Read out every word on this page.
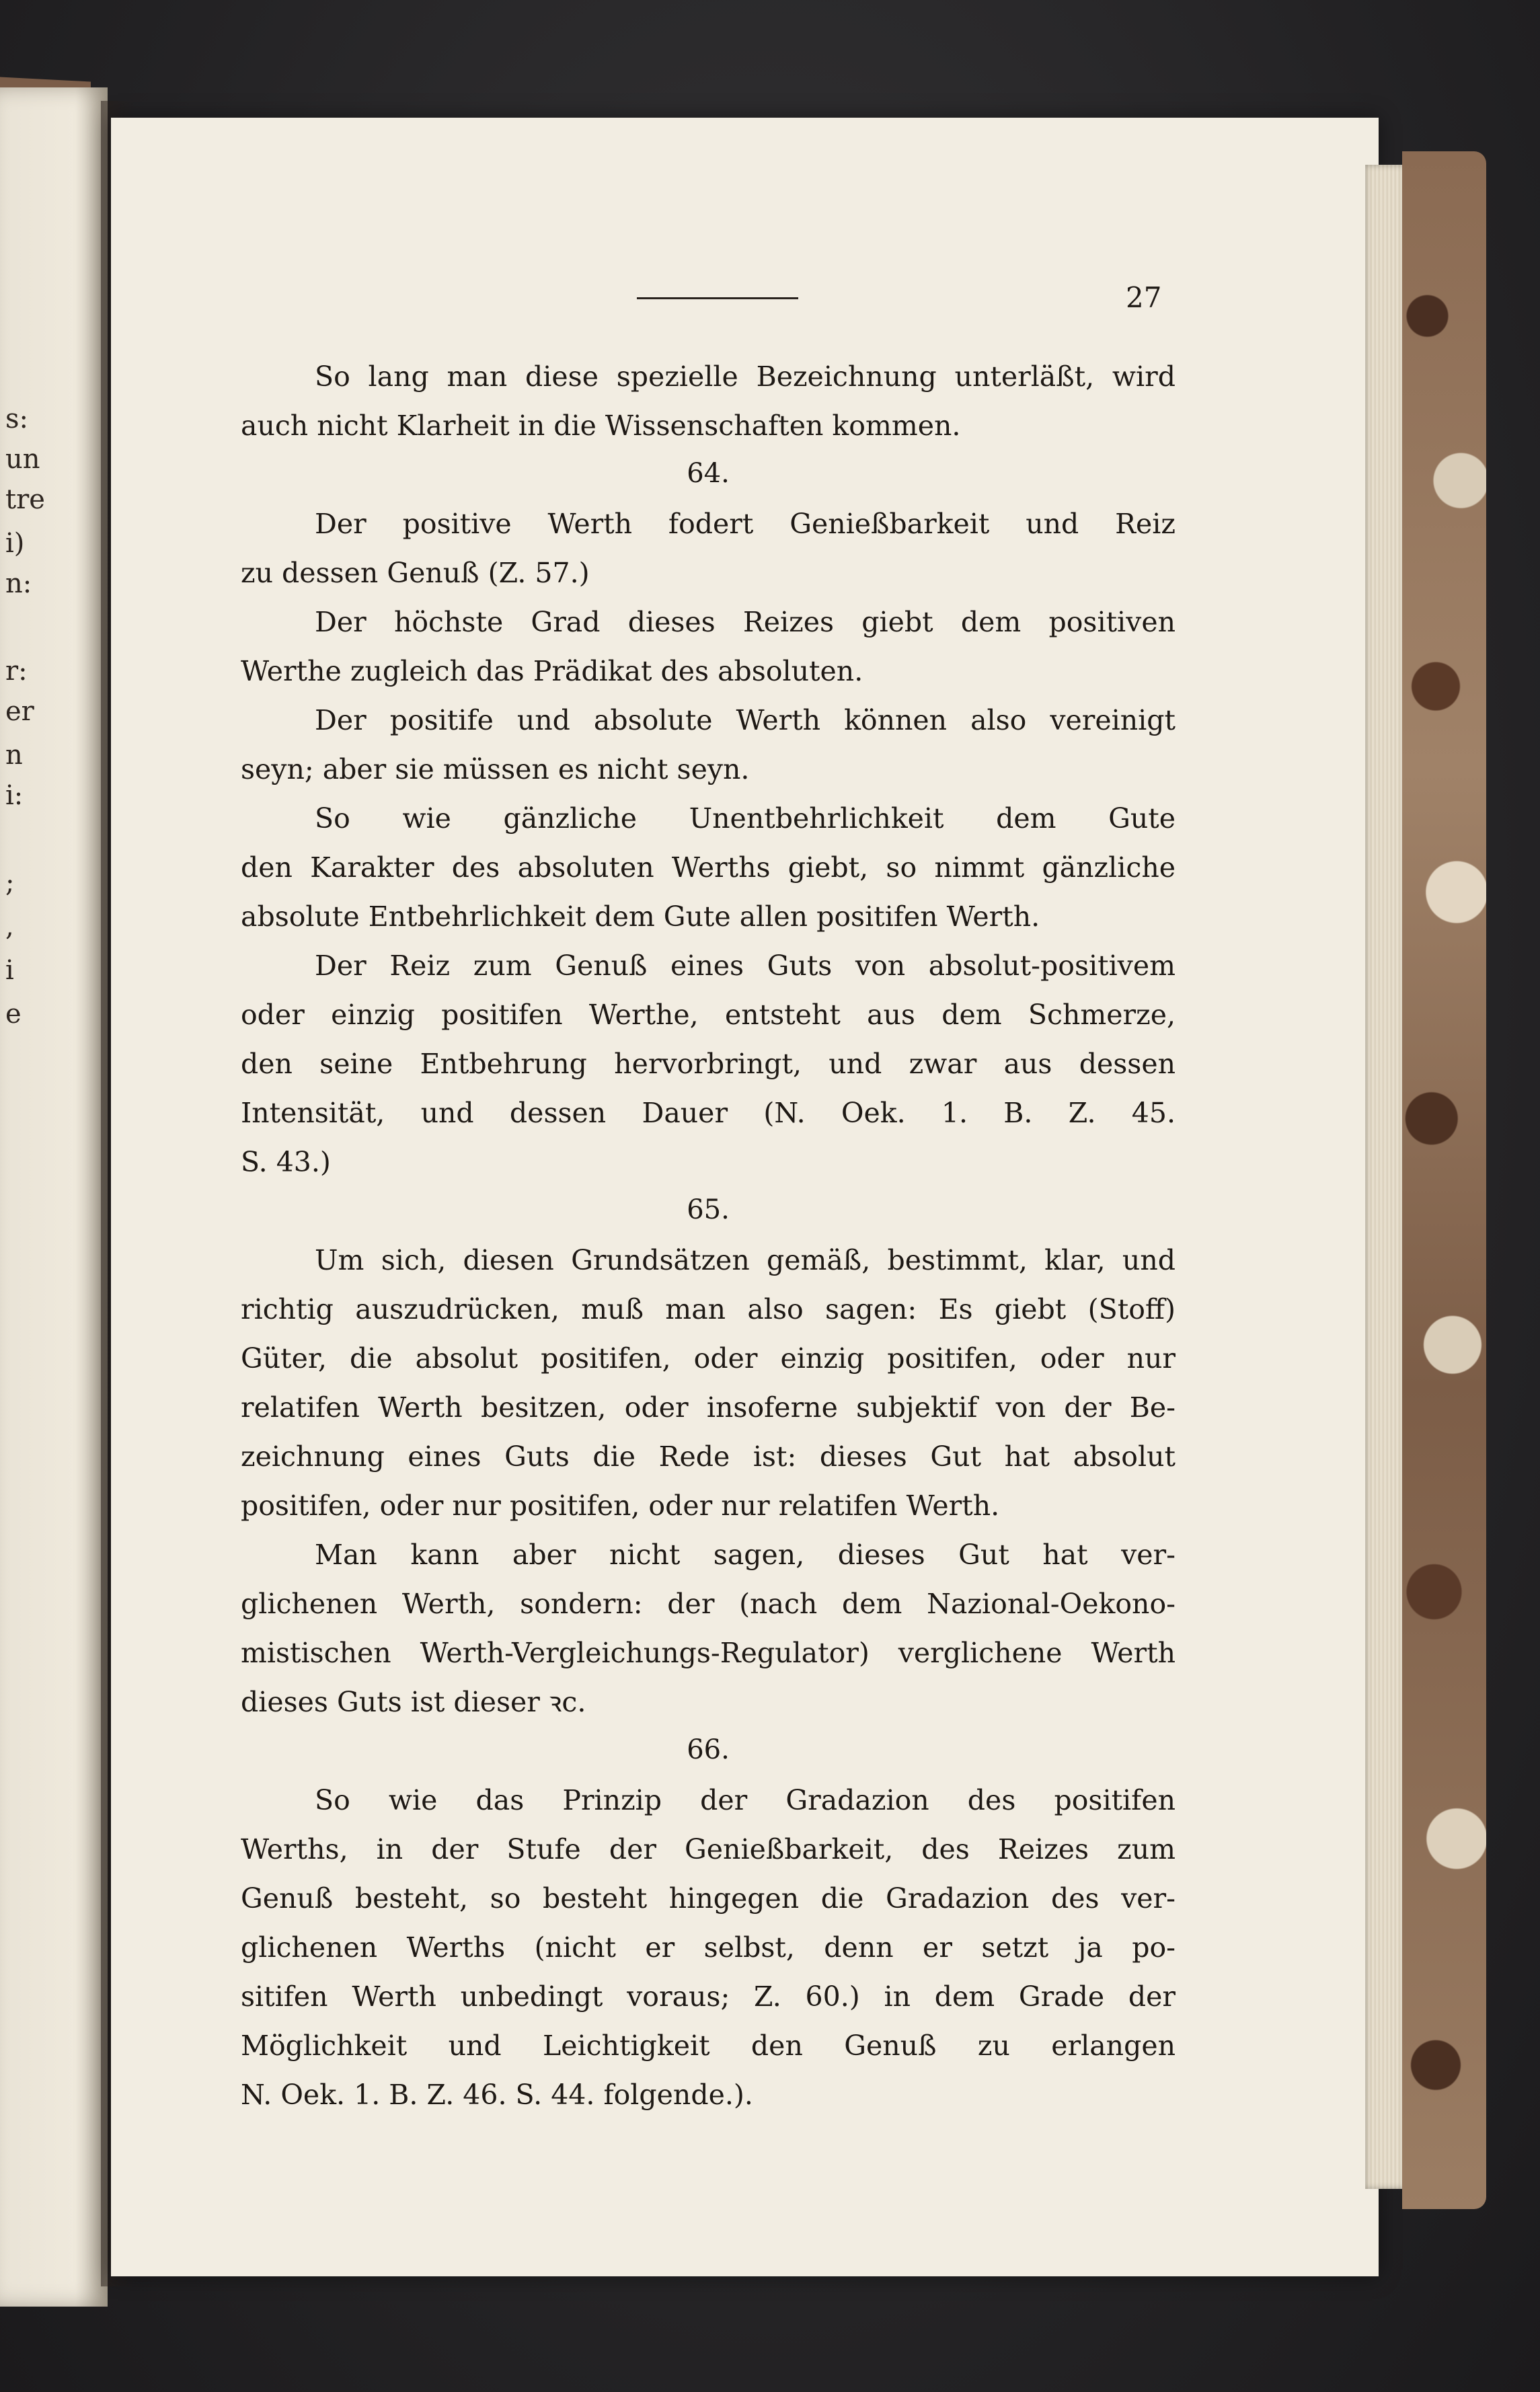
s:
un
tre
i)
n:
r:
er
n
i:
;
,
i
e
27
So lang man diese spezielle Bezeichnung unterläßt, wird
auch nicht Klarheit in die Wissenschaften kommen.
64.
Der positive Werth fodert Genießbarkeit und Reiz
zu dessen Genuß (Z. 57.)
Der höchste Grad dieses Reizes giebt dem positiven
Werthe zugleich das Prädikat des absoluten.
Der positife und absolute Werth können also vereinigt
seyn; aber sie müssen es nicht seyn.
So wie gänzliche Unentbehrlichkeit dem Gute
den Karakter des absoluten Werths giebt, so nimmt gänzliche
absolute Entbehrlichkeit dem Gute allen positifen Werth.
Der Reiz zum Genuß eines Guts von absolut-positivem
oder einzig positifen Werthe, entsteht aus dem Schmerze,
den seine Entbehrung hervorbringt, und zwar aus dessen
Intensität, und dessen Dauer (N. Oek. 1. B. Z. 45.
S. 43.)
65.
Um sich, diesen Grundsätzen gemäß, bestimmt, klar, und
richtig auszudrücken, muß man also sagen: Es giebt (Stoff)
Güter, die absolut positifen, oder einzig positifen, oder nur
relatifen Werth besitzen, oder insoferne subjektif von der Be-
zeichnung eines Guts die Rede ist: dieses Gut hat absolut
positifen, oder nur positifen, oder nur relatifen Werth.
Man kann aber nicht sagen, dieses Gut hat ver-
glichenen Werth, sondern: der (nach dem Nazional-Oekono-
mistischen Werth-Vergleichungs-Regulator) verglichene Werth
dieses Guts ist dieser ꝛc.
66.
So wie das Prinzip der Gradazion des positifen
Werths, in der Stufe der Genießbarkeit, des Reizes zum
Genuß besteht, so besteht hingegen die Gradazion des ver-
glichenen Werths (nicht er selbst, denn er setzt ja po-
sitifen Werth unbedingt voraus; Z. 60.) in dem Grade der
Möglichkeit und Leichtigkeit den Genuß zu erlangen
N. Oek. 1. B. Z. 46. S. 44. folgende.).
